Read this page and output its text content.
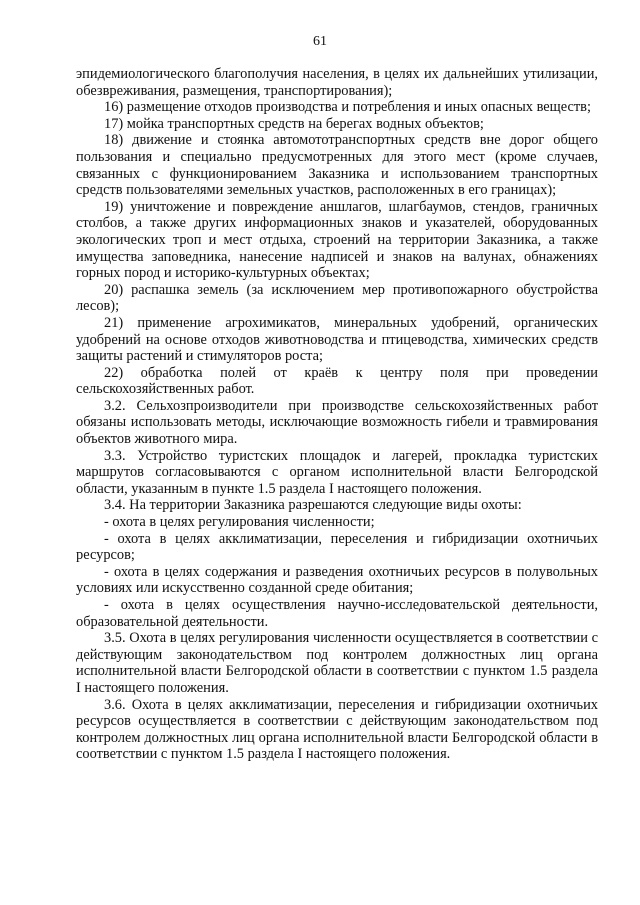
61

эпидемиологического благополучия населения, в целях их дальнейших утилизации, обезвреживания, размещения, транспортирования);

16) размещение отходов производства и потребления и иных опасных веществ;

17) мойка транспортных средств на берегах водных объектов;

18) движение и стоянка автомототранспортных средств вне дорог общего пользования и специально предусмотренных для этого мест (кроме случаев, связанных с функционированием Заказника и использованием транспортных средств пользователями земельных участков, расположенных в его границах);

19) уничтожение и повреждение аншлагов, шлагбаумов, стендов, граничных столбов, а также других информационных знаков и указателей, оборудованных экологических троп и мест отдыха, строений на территории Заказника, а также имущества заповедника, нанесение надписей и знаков на валунах, обнажениях горных пород и историко-культурных объектах;

20) распашка земель (за исключением мер противопожарного обустройства лесов);

21) применение агрохимикатов, минеральных удобрений, органических удобрений на основе отходов животноводства и птицеводства, химических средств защиты растений и стимуляторов роста;

22) обработка полей от краёв к центру поля при проведении сельскохозяйственных работ.

3.2. Сельхозпроизводители при производстве сельскохозяйственных работ обязаны использовать методы, исключающие возможность гибели и травмирования объектов животного мира.

3.3. Устройство туристских площадок и лагерей, прокладка туристских маршрутов согласовываются с органом исполнительной власти Белгородской области, указанным в пункте 1.5 раздела I настоящего положения.

3.4. На территории Заказника разрешаются следующие виды охоты:

- охота в целях регулирования численности;

- охота в целях акклиматизации, переселения и гибридизации охотничьих ресурсов;

- охота в целях содержания и разведения охотничьих ресурсов в полувольных условиях или искусственно созданной среде обитания;

- охота в целях осуществления научно-исследовательской деятельности, образовательной деятельности.

3.5. Охота в целях регулирования численности осуществляется в соответствии с действующим законодательством под контролем должностных лиц органа исполнительной власти Белгородской области в соответствии с пунктом 1.5 раздела I настоящего положения.

3.6. Охота в целях акклиматизации, переселения и гибридизации охотничьих ресурсов осуществляется в соответствии с действующим законодательством под контролем должностных лиц органа исполнительной власти Белгородской области в соответствии с пунктом 1.5 раздела I настоящего положения.
